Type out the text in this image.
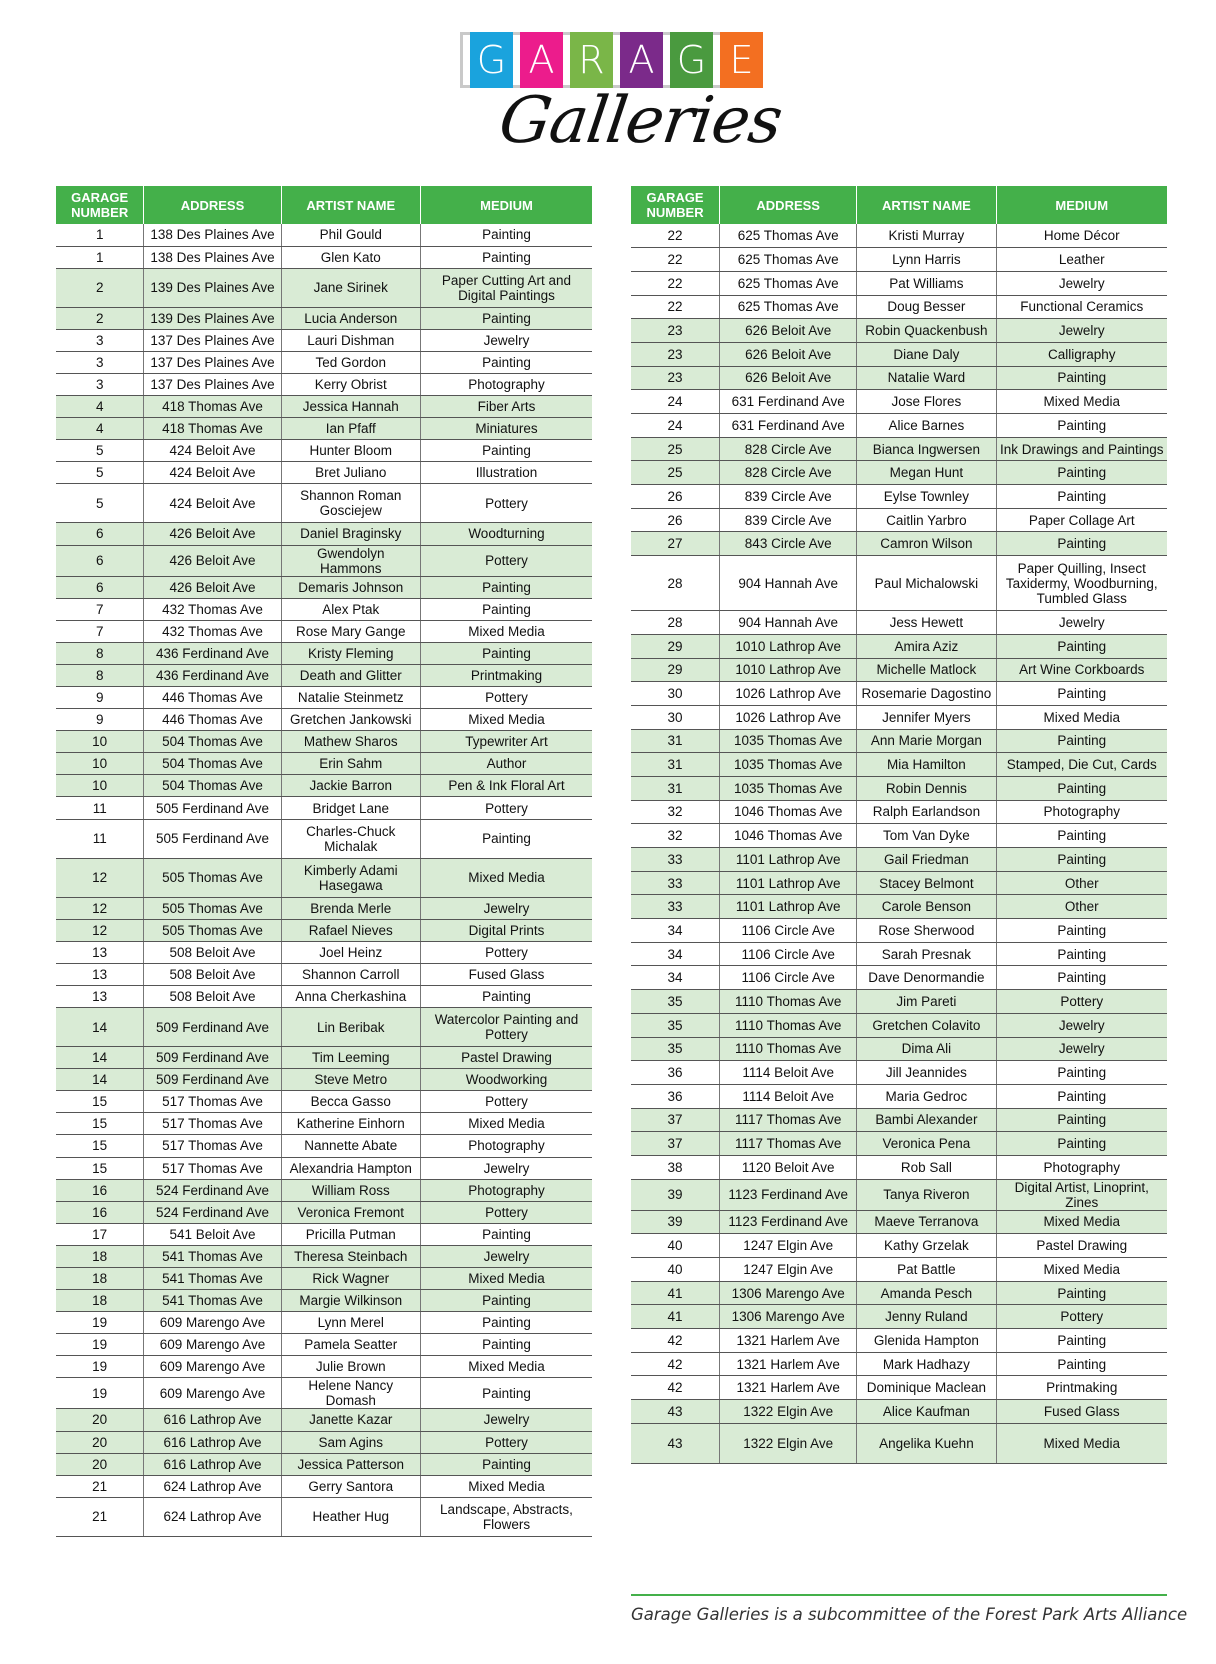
G A R A G E
Galleries
GARAGE NUMBER	ADDRESS	ARTIST NAME	MEDIUM
1	138 Des Plaines Ave	Phil Gould	Painting
1	138 Des Plaines Ave	Glen Kato	Painting
2	139 Des Plaines Ave	Jane Sirinek	Paper Cutting Art and Digital Paintings
2	139 Des Plaines Ave	Lucia Anderson	Painting
3	137 Des Plaines Ave	Lauri Dishman	Jewelry
3	137 Des Plaines Ave	Ted Gordon	Painting
3	137 Des Plaines Ave	Kerry Obrist	Photography
4	418 Thomas Ave	Jessica Hannah	Fiber Arts
4	418 Thomas Ave	Ian Pfaff	Miniatures
5	424 Beloit Ave	Hunter Bloom	Painting
5	424 Beloit Ave	Bret Juliano	Illustration
5	424 Beloit Ave	Shannon Roman Gosciejew	Pottery
6	426 Beloit Ave	Daniel Braginsky	Woodturning
6	426 Beloit Ave	Gwendolyn Hammons	Pottery
6	426 Beloit Ave	Demaris Johnson	Painting
7	432 Thomas Ave	Alex Ptak	Painting
7	432 Thomas Ave	Rose Mary Gange	Mixed Media
8	436 Ferdinand Ave	Kristy Fleming	Painting
8	436 Ferdinand Ave	Death and Glitter	Printmaking
9	446 Thomas Ave	Natalie Steinmetz	Pottery
9	446 Thomas Ave	Gretchen Jankowski	Mixed Media
10	504 Thomas Ave	Mathew Sharos	Typewriter Art
10	504 Thomas Ave	Erin Sahm	Author
10	504 Thomas Ave	Jackie Barron	Pen & Ink Floral Art
11	505 Ferdinand Ave	Bridget Lane	Pottery
11	505 Ferdinand Ave	Charles-Chuck Michalak	Painting
12	505 Thomas Ave	Kimberly Adami Hasegawa	Mixed Media
12	505 Thomas Ave	Brenda Merle	Jewelry
12	505 Thomas Ave	Rafael Nieves	Digital Prints
13	508 Beloit Ave	Joel Heinz	Pottery
13	508 Beloit Ave	Shannon Carroll	Fused Glass
13	508 Beloit Ave	Anna Cherkashina	Painting
14	509 Ferdinand Ave	Lin Beribak	Watercolor Painting and Pottery
14	509 Ferdinand Ave	Tim Leeming	Pastel Drawing
14	509 Ferdinand Ave	Steve Metro	Woodworking
15	517 Thomas Ave	Becca Gasso	Pottery
15	517 Thomas Ave	Katherine Einhorn	Mixed Media
15	517 Thomas Ave	Nannette Abate	Photography
15	517 Thomas Ave	Alexandria Hampton	Jewelry
16	524 Ferdinand Ave	William Ross	Photography
16	524 Ferdinand Ave	Veronica Fremont	Pottery
17	541 Beloit Ave	Pricilla Putman	Painting
18	541 Thomas Ave	Theresa Steinbach	Jewelry
18	541 Thomas Ave	Rick Wagner	Mixed Media
18	541 Thomas Ave	Margie Wilkinson	Painting
19	609 Marengo Ave	Lynn Merel	Painting
19	609 Marengo Ave	Pamela Seatter	Painting
19	609 Marengo Ave	Julie Brown	Mixed Media
19	609 Marengo Ave	Helene Nancy Domash	Painting
20	616 Lathrop Ave	Janette Kazar	Jewelry
20	616 Lathrop Ave	Sam Agins	Pottery
20	616 Lathrop Ave	Jessica Patterson	Painting
21	624 Lathrop Ave	Gerry Santora	Mixed Media
21	624 Lathrop Ave	Heather Hug	Landscape, Abstracts, Flowers
GARAGE NUMBER	ADDRESS	ARTIST NAME	MEDIUM
22	625 Thomas Ave	Kristi Murray	Home Décor
22	625 Thomas Ave	Lynn Harris	Leather
22	625 Thomas Ave	Pat Williams	Jewelry
22	625 Thomas Ave	Doug Besser	Functional Ceramics
23	626 Beloit Ave	Robin Quackenbush	Jewelry
23	626 Beloit Ave	Diane Daly	Calligraphy
23	626 Beloit Ave	Natalie Ward	Painting
24	631 Ferdinand Ave	Jose Flores	Mixed Media
24	631 Ferdinand Ave	Alice Barnes	Painting
25	828 Circle Ave	Bianca Ingwersen	Ink Drawings and Paintings
25	828 Circle Ave	Megan Hunt	Painting
26	839 Circle Ave	Eylse Townley	Painting
26	839 Circle Ave	Caitlin Yarbro	Paper Collage Art
27	843 Circle Ave	Camron Wilson	Painting
28	904 Hannah Ave	Paul Michalowski	Paper Quilling, Insect Taxidermy, Woodburning, Tumbled Glass
28	904 Hannah Ave	Jess Hewett	Jewelry
29	1010 Lathrop Ave	Amira Aziz	Painting
29	1010 Lathrop Ave	Michelle Matlock	Art Wine Corkboards
30	1026 Lathrop Ave	Rosemarie Dagostino	Painting
30	1026 Lathrop Ave	Jennifer Myers	Mixed Media
31	1035 Thomas Ave	Ann Marie Morgan	Painting
31	1035 Thomas Ave	Mia Hamilton	Stamped, Die Cut, Cards
31	1035 Thomas Ave	Robin Dennis	Painting
32	1046 Thomas Ave	Ralph Earlandson	Photography
32	1046 Thomas Ave	Tom Van Dyke	Painting
33	1101 Lathrop Ave	Gail Friedman	Painting
33	1101 Lathrop Ave	Stacey Belmont	Other
33	1101 Lathrop Ave	Carole Benson	Other
34	1106 Circle Ave	Rose Sherwood	Painting
34	1106 Circle Ave	Sarah Presnak	Painting
34	1106 Circle Ave	Dave Denormandie	Painting
35	1110 Thomas Ave	Jim Pareti	Pottery
35	1110 Thomas Ave	Gretchen Colavito	Jewelry
35	1110 Thomas Ave	Dima Ali	Jewelry
36	1114 Beloit Ave	Jill Jeannides	Painting
36	1114 Beloit Ave	Maria Gedroc	Painting
37	1117 Thomas Ave	Bambi Alexander	Painting
37	1117 Thomas Ave	Veronica Pena	Painting
38	1120 Beloit Ave	Rob Sall	Photography
39	1123 Ferdinand Ave	Tanya Riveron	Digital Artist, Linoprint, Zines
39	1123 Ferdinand Ave	Maeve Terranova	Mixed Media
40	1247 Elgin Ave	Kathy Grzelak	Pastel Drawing
40	1247 Elgin Ave	Pat Battle	Mixed Media
41	1306 Marengo Ave	Amanda Pesch	Painting
41	1306 Marengo Ave	Jenny Ruland	Pottery
42	1321 Harlem Ave	Glenida Hampton	Painting
42	1321 Harlem Ave	Mark Hadhazy	Painting
42	1321 Harlem Ave	Dominique Maclean	Printmaking
43	1322 Elgin Ave	Alice Kaufman	Fused Glass
43	1322 Elgin Ave	Angelika Kuehn	Mixed Media
Garage Galleries is a subcommittee of the Forest Park Arts Alliance
